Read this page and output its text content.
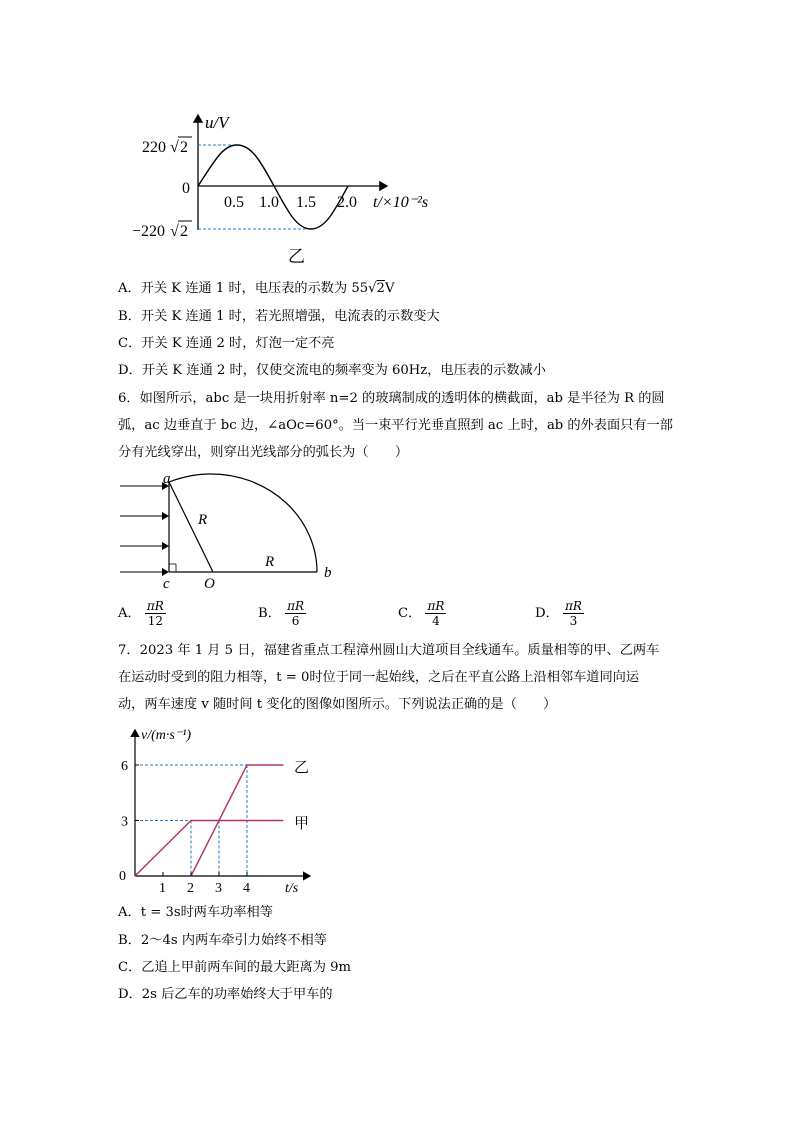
u/V
220 √ 2
0
0.5 1.0 1.5 2.0 t/×10⁻²s
−220 √ 2
乙
A．开关 K 连通 1 时，电压表的示数为 55√2V
B．开关 K 连通 1 时，若光照增强，电流表的示数变大
C．开关 K 连通 2 时，灯泡一定不亮
D．开关 K 连通 2 时，仅使交流电的频率变为 60Hz，电压表的示数减小
6．如图所示，abc 是一块用折射率 n=2 的玻璃制成的透明体的横截面，ab 是半径为 R 的圆
弧，ac 边垂直于 bc 边，∠aOc=60°。当一束平行光垂直照到 ac 上时，ab 的外表面只有一部
分有光线穿出，则穿出光线部分的弧长为（　　）
a
R
R
c O
b
A． $\frac{\pi R}{12}$	B． $\frac{\pi R}{6}$	C． $\frac{\pi R}{4}$	D． $\frac{\pi R}{3}$
7．2023 年 1 月 5 日，福建省重点工程漳州圆山大道项目全线通车。质量相等的甲、乙两车
在运动时受到的阻力相等，t = 0时位于同一起始线，之后在平直公路上沿相邻车道同向运
动，两车速度 v 随时间 t 变化的图像如图所示。下列说法正确的是（　　）
1 2 3 4
3
6
v/(m·s⁻¹)
t/s
0
乙
甲
A．t = 3s时两车功率相等
B．2～4s 内两车牵引力始终不相等
C．乙追上甲前两车间的最大距离为 9m
D．2s 后乙车的功率始终大于甲车的
